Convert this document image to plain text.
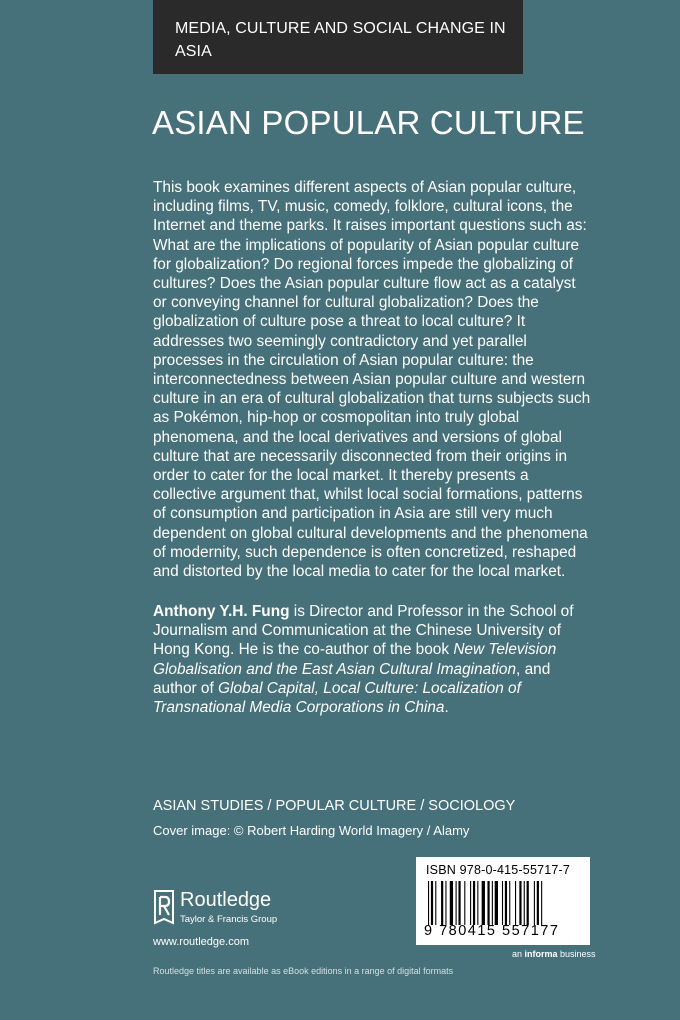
MEDIA, CULTURE AND SOCIAL CHANGE IN ASIA
ASIAN POPULAR CULTURE

This book examines different aspects of Asian popular culture, including films, TV, music, comedy, folklore, cultural icons, the Internet and theme parks. It raises important questions such as: What are the implications of popularity of Asian popular culture for globalization? Do regional forces impede the globalizing of cultures? Does the Asian popular culture flow act as a catalyst or conveying channel for cultural globalization? Does the globalization of culture pose a threat to local culture? It addresses two seemingly contradictory and yet parallel processes in the circulation of Asian popular culture: the interconnectedness between Asian popular culture and western culture in an era of cultural globalization that turns subjects such as Pokémon, hip-hop or cosmopolitan into truly global phenomena, and the local derivatives and versions of global culture that are necessarily disconnected from their origins in order to cater for the local market. It thereby presents a collective argument that, whilst local social formations, patterns of consumption and participation in Asia are still very much dependent on global cultural developments and the phenomena of modernity, such dependence is often concretized, reshaped and distorted by the local media to cater for the local market.

Anthony Y.H. Fung is Director and Professor in the School of Journalism and Communication at the Chinese University of Hong Kong. He is the co-author of the book New Television Globalisation and the East Asian Cultural Imagination, and author of Global Capital, Local Culture: Localization of Transnational Media Corporations in China.

ASIAN STUDIES / POPULAR CULTURE / SOCIOLOGY
Cover image: © Robert Harding World Imagery / Alamy
Routledge
Taylor & Francis Group
www.routledge.com
ISBN 978-0-415-55717-7
9 780415 557177
an informa business
Routledge titles are available as eBook editions in a range of digital formats
